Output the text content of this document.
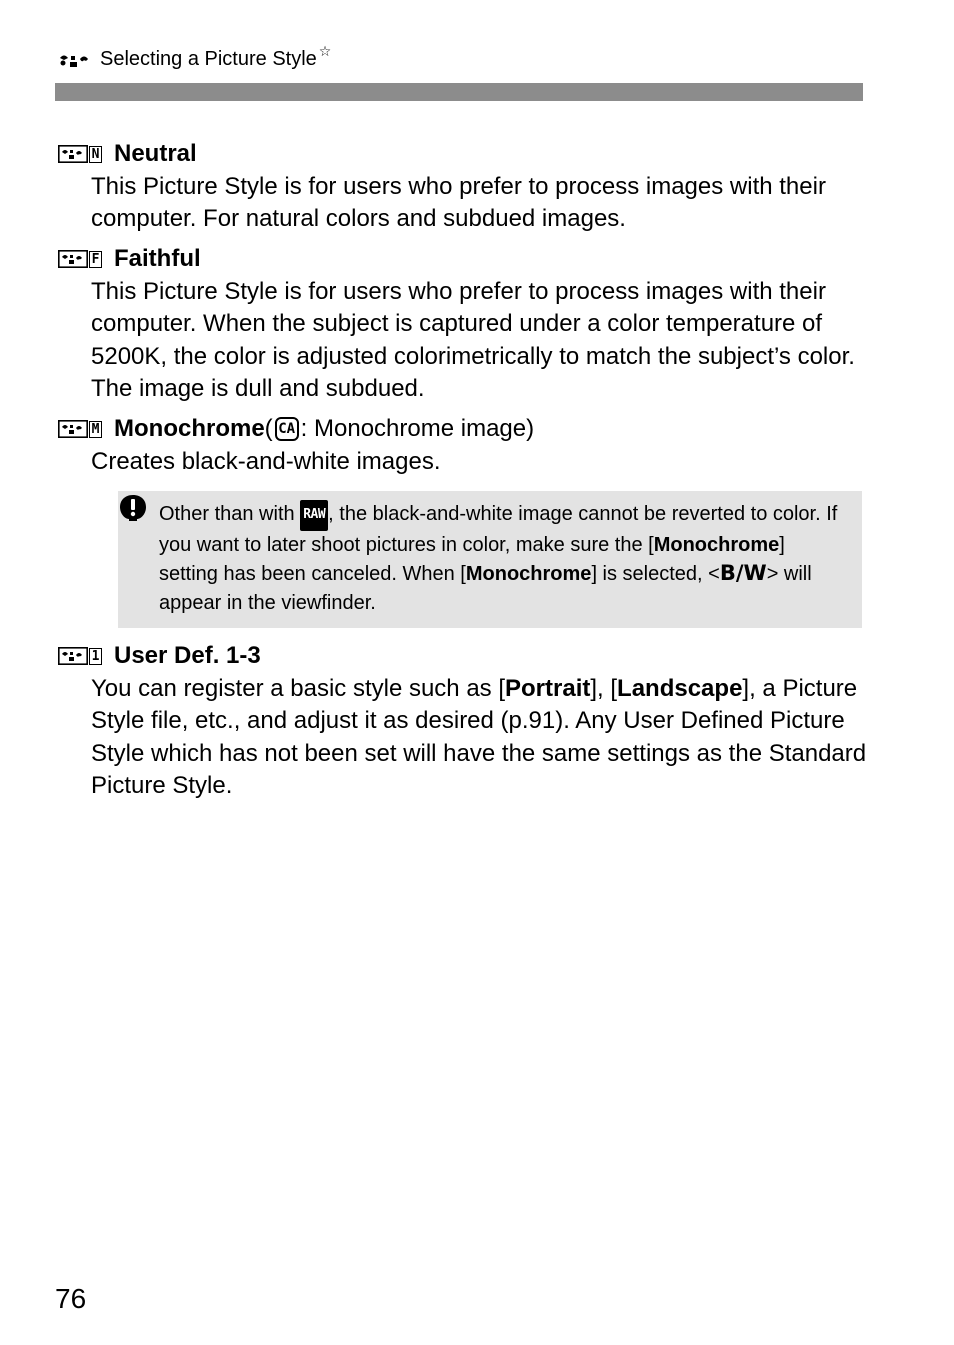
Selecting a Picture Style ☆
N Neutral
This Picture Style is for users who prefer to process images with their computer. For natural colors and subdued images.
F Faithful
This Picture Style is for users who prefer to process images with their computer. When the subject is captured under a color temperature of 5200K, the color is adjusted colorimetrically to match the subject’s color. The image is dull and subdued.
M Monochrome ( CA : Monochrome image)
Creates black-and-white images.
Other than with RAW , the black-and-white image cannot be reverted to color. If you want to later shoot pictures in color, make sure the [Monochrome] setting has been canceled. When [Monochrome] is selected, <B/W> will appear in the viewfinder.
1 User Def. 1-3
You can register a basic style such as [Portrait], [Landscape], a Picture Style file, etc., and adjust it as desired (p.91). Any User Defined Picture Style which has not been set will have the same settings as the Standard Picture Style.
76
